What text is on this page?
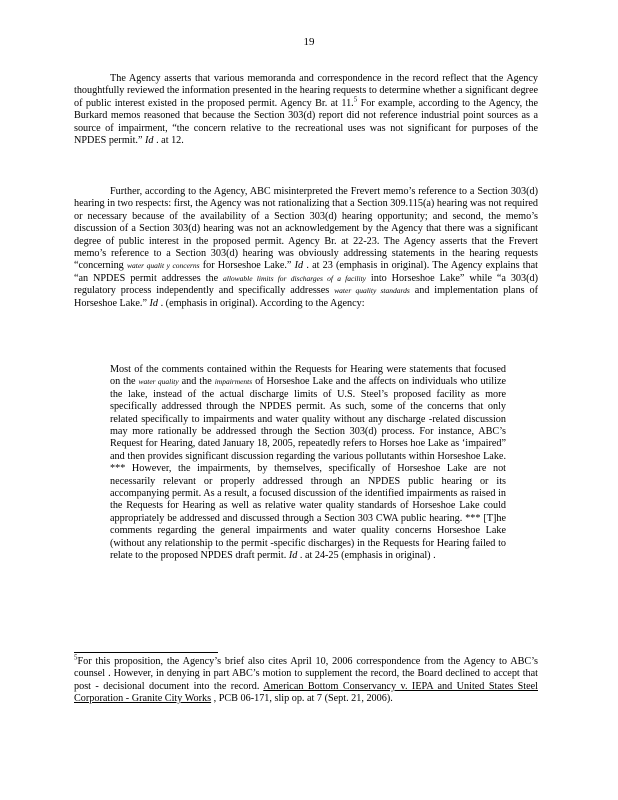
19

The Agency asserts that various memoranda and correspondence in the record reflect that the Agency thoughtfully reviewed the information presented in the hearing requests to determine whether a significant degree of public interest existed in the proposed permit. Agency Br. at 11.$^5$ For example, according to the Agency, the Burkard memos reasoned that because the Section 303(d) report did not reference industrial point sources as a source of impairment, “the concern relative to the recreational uses was not significant for purposes of the NPDES permit.” Id . at 12.

Further, according to the Agency, ABC misinterpreted the Frevert memo’s reference to a Section 303(d) hearing in two respects: first, the Agency was not rationalizing that a Section 309.115(a) hearing was not required or necessary because of the availability of a Section 303(d) hearing opportunity; and second, the memo’s discussion of a Section 303(d) hearing was not an acknowledgement by the Agency that there was a significant degree of public interest in the proposed permit. Agency Br. at 22-23. The Agency asserts that the Frevert memo’s reference to a Section 303(d) hearing was obviously addressing statements in the hearing requests “concerning water qualit y concerns for Horseshoe Lake.” Id . at 23 (emphasis in original). The Agency explains that “an NPDES permit addresses the allowable limits for discharges of a facility into Horseshoe Lake” while “a 303(d) regulatory process independently and specifically addresses water quality standards and implementation plans of Horseshoe Lake.” Id . (emphasis in original). According to the Agency:

Most of the comments contained within the Requests for Hearing were statements that focused on the water quality and the impairments of Horseshoe Lake and the affects on individuals who utilize the lake, instead of the actual discharge limits of U.S. Steel’s proposed facility as more specifically addressed through the NPDES permit. As such, some of the concerns that only related specifically to impairments and water quality without any discharge -related discussion may more rationally be addressed through the Section 303(d) process. For instance, ABC’s Request for Hearing, dated January 18, 2005, repeatedly refers to Horses hoe Lake as ‘impaired” and then provides significant discussion regarding the various pollutants within Horseshoe Lake. *** However, the impairments, by themselves, specifically of Horseshoe Lake are not necessarily relevant or properly addressed through an NPDES public hearing or its accompanying permit. As a result, a focused discussion of the identified impairments as raised in the Requests for Hearing as well as relative water quality standards of Horseshoe Lake could appropriately be addressed and discussed through a Section 303 CWA public hearing. *** [T]he comments regarding the general impairments and water quality concerns Horseshoe Lake (without any relationship to the permit -specific discharges) in the Requests for Hearing failed to relate to the proposed NPDES draft permit. Id . at 24-25 (emphasis in original) .

$^5$For this proposition, the Agency’s brief also cites April 10, 2006 correspondence from the Agency to ABC’s counsel . However, in denying in part ABC’s motion to supplement the record, the Board declined to accept that post - decisional document into the record. American Bottom Conservancy v. IEPA and United States Steel Corporation - Granite City Works , PCB 06-171, slip op. at 7 (Sept. 21, 2006).
